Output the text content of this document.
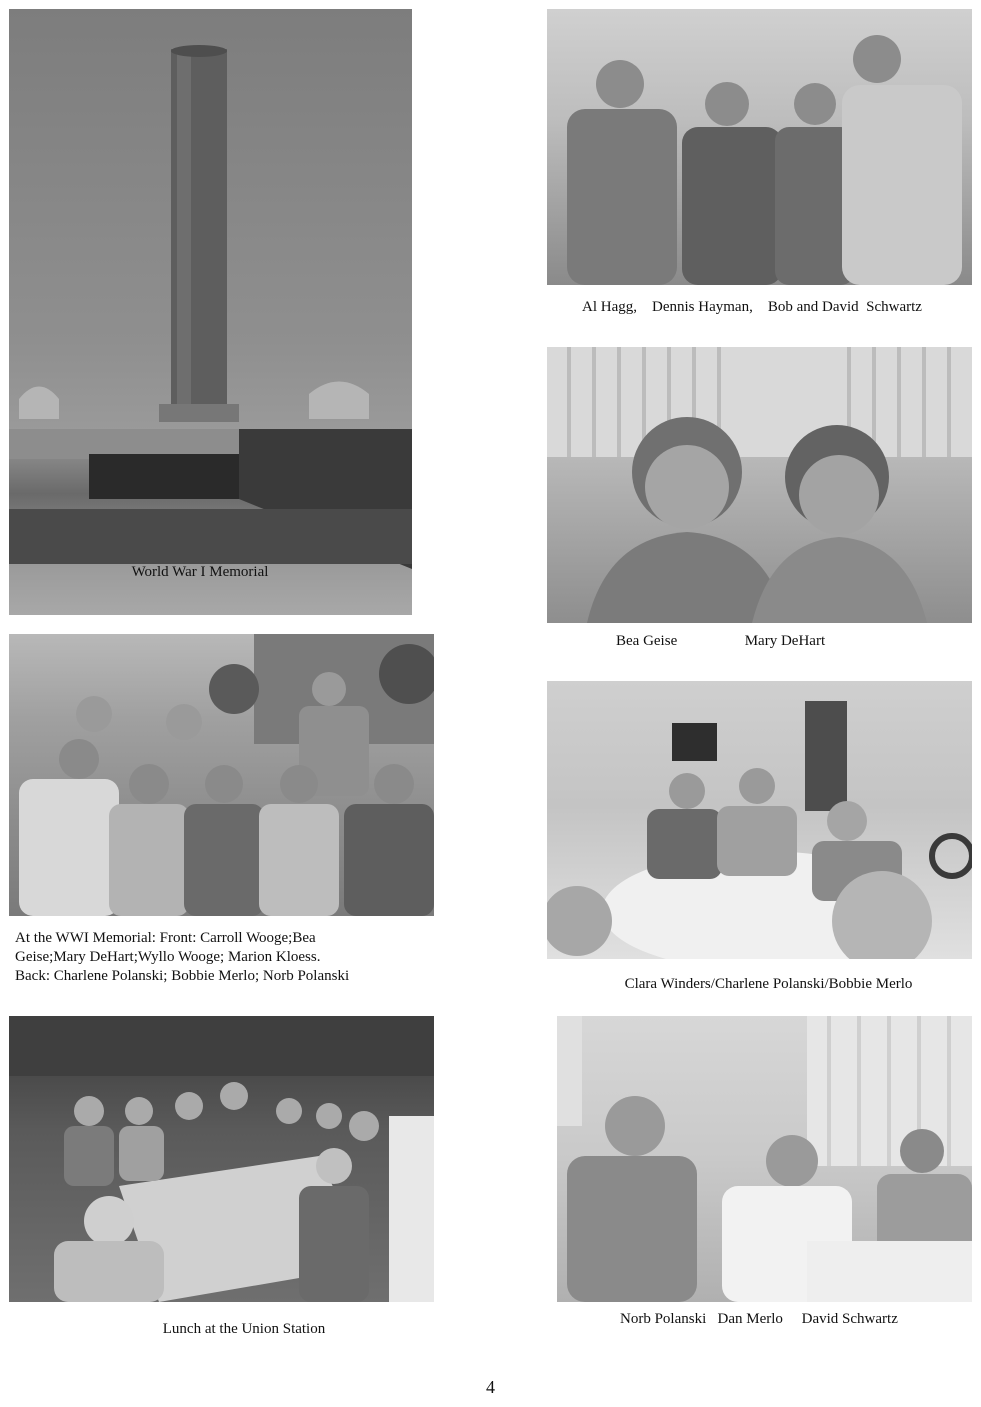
World War I Memorial
Al Hagg,    Dennis Hayman,    Bob and David  Schwartz
Bea Geise                  Mary DeHart
At the WWI Memorial: Front: Carroll Wooge;Bea
Geise;Mary DeHart;Wyllo Wooge; Marion Kloess.
Back: Charlene Polanski; Bobbie Merlo; Norb Polanski	Clara Winders/Charlene Polanski/Bobbie Merlo
Lunch at the Union Station
Norb Polanski   Dan Merlo     David Schwartz
4
